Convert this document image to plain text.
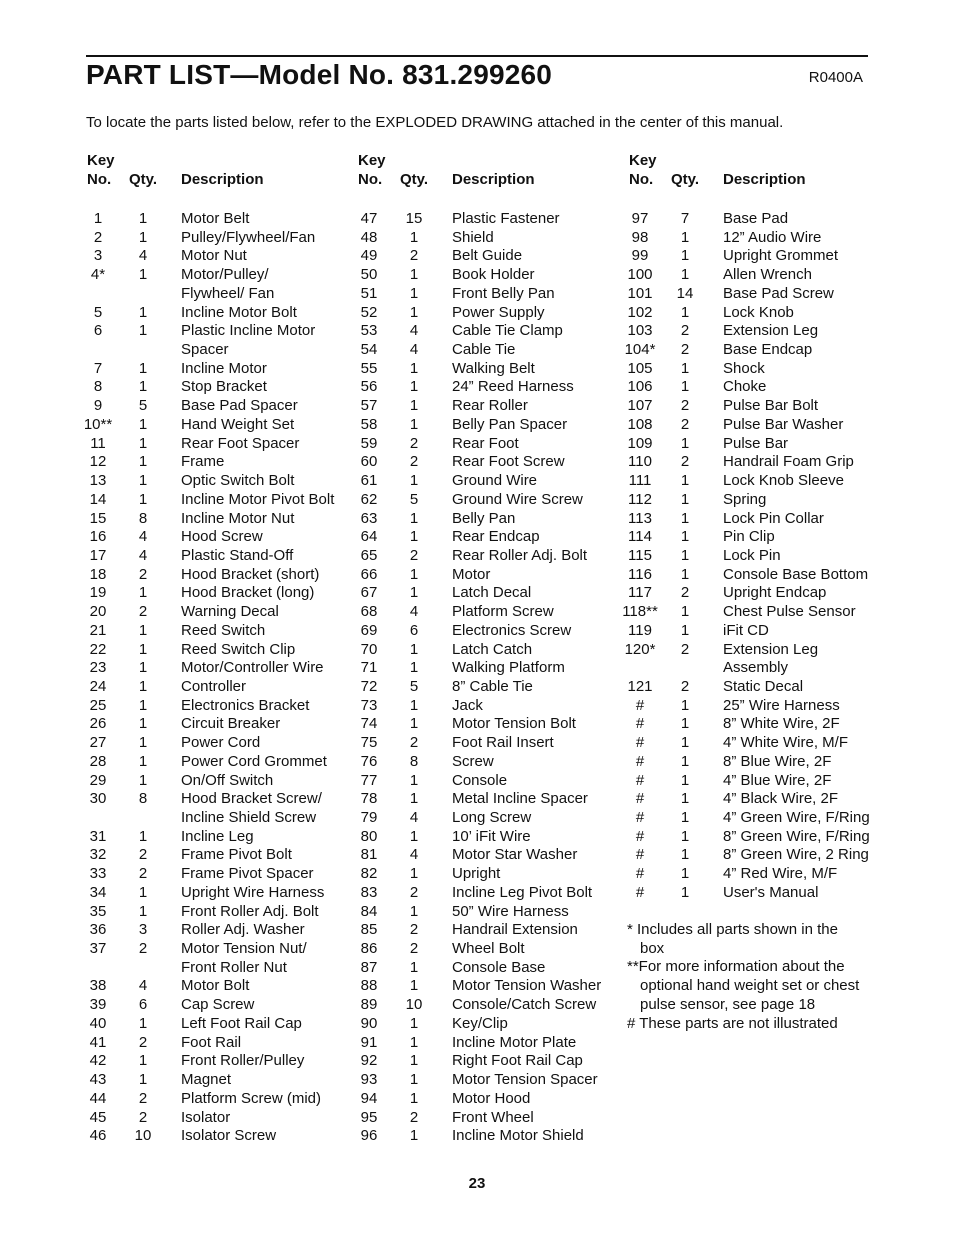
PART LIST—Model No. 831.299260	R0400A
To locate the parts listed below, refer to the EXPLODED DRAWING attached in the center of this manual.
Key
No. Qty. Description
1	1	Motor Belt
2	1	Pulley/Flywheel/Fan
3	4	Motor Nut
4*	1	Motor/Pulley/
Flywheel/ Fan
5	1	Incline Motor Bolt
6	1	Plastic Incline Motor
Spacer
7	1	Incline Motor
8	1	Stop Bracket
9	5	Base Pad Spacer
10**	1	Hand Weight Set
11	1	Rear Foot Spacer
12	1	Frame
13	1	Optic Switch Bolt
14	1	Incline Motor Pivot Bolt
15	8	Incline Motor Nut
16	4	Hood Screw
17	4	Plastic Stand-Off
18	2	Hood Bracket (short)
19	1	Hood Bracket (long)
20	2	Warning Decal
21	1	Reed Switch
22	1	Reed Switch Clip
23	1	Motor/Controller Wire
24	1	Controller
25	1	Electronics Bracket
26	1	Circuit Breaker
27	1	Power Cord
28	1	Power Cord Grommet
29	1	On/Off Switch
30	8	Hood Bracket Screw/
Incline Shield Screw
31	1	Incline Leg
32	2	Frame Pivot Bolt
33	2	Frame Pivot Spacer
34	1	Upright Wire Harness
35	1	Front Roller Adj. Bolt
36	3	Roller Adj. Washer
37	2	Motor Tension Nut/
Front Roller Nut
38	4	Motor Bolt
39	6	Cap Screw
40	1	Left Foot Rail Cap
41	2	Foot Rail
42	1	Front Roller/Pulley
43	1	Magnet
44	2	Platform Screw (mid)
45	2	Isolator
46	10	Isolator Screw
Key
No. Qty. Description
47	15	Plastic Fastener
48	1	Shield
49	2	Belt Guide
50	1	Book Holder
51	1	Front Belly Pan
52	1	Power Supply
53	4	Cable Tie Clamp
54	4	Cable Tie
55	1	Walking Belt
56	1	24” Reed Harness
57	1	Rear Roller
58	1	Belly Pan Spacer
59	2	Rear Foot
60	2	Rear Foot Screw
61	1	Ground Wire
62	5	Ground Wire Screw
63	1	Belly Pan
64	1	Rear Endcap
65	2	Rear Roller Adj. Bolt
66	1	Motor
67	1	Latch Decal
68	4	Platform Screw
69	6	Electronics Screw
70	1	Latch Catch
71	1	Walking Platform
72	5	8” Cable Tie
73	1	Jack
74	1	Motor Tension Bolt
75	2	Foot Rail Insert
76	8	Screw
77	1	Console
78	1	Metal Incline Spacer
79	4	Long Screw
80	1	10’ iFit Wire
81	4	Motor Star Washer
82	1	Upright
83	2	Incline Leg Pivot Bolt
84	1	50” Wire Harness
85	2	Handrail Extension
86	2	Wheel Bolt
87	1	Console Base
88	1	Motor Tension Washer
89	10	Console/Catch Screw
90	1	Key/Clip
91	1	Incline Motor Plate
92	1	Right Foot Rail Cap
93	1	Motor Tension Spacer
94	1	Motor Hood
95	2	Front Wheel
96	1	Incline Motor Shield
Key
No. Qty. Description
97	7	Base Pad
98	1	12” Audio Wire
99	1	Upright Grommet
100	1	Allen Wrench
101	14	Base Pad Screw
102	1	Lock Knob
103	2	Extension Leg
104*	2	Base Endcap
105	1	Shock
106	1	Choke
107	2	Pulse Bar Bolt
108	2	Pulse Bar Washer
109	1	Pulse Bar
110	2	Handrail Foam Grip
111	1	Lock Knob Sleeve
112	1	Spring
113	1	Lock Pin Collar
114	1	Pin Clip
115	1	Lock Pin
116	1	Console Base Bottom
117	2	Upright Endcap
118**	1	Chest Pulse Sensor
119	1	iFit CD
120*	2	Extension Leg
Assembly
121	2	Static Decal
#	1	25” Wire Harness
#	1	8” White Wire, 2F
#	1	4” White Wire, M/F
#	1	8” Blue Wire, 2F
#	1	4” Blue Wire, 2F
#	1	4” Black Wire, 2F
#	1	4” Green Wire, F/Ring
#	1	8” Green Wire, F/Ring
#	1	8” Green Wire, 2 Ring
#	1	4” Red Wire, M/F
#	1	User's Manual
* Includes all parts shown in the
box
**For more information about the
optional hand weight set or chest
pulse sensor, see page 18
# These parts are not illustrated
23
